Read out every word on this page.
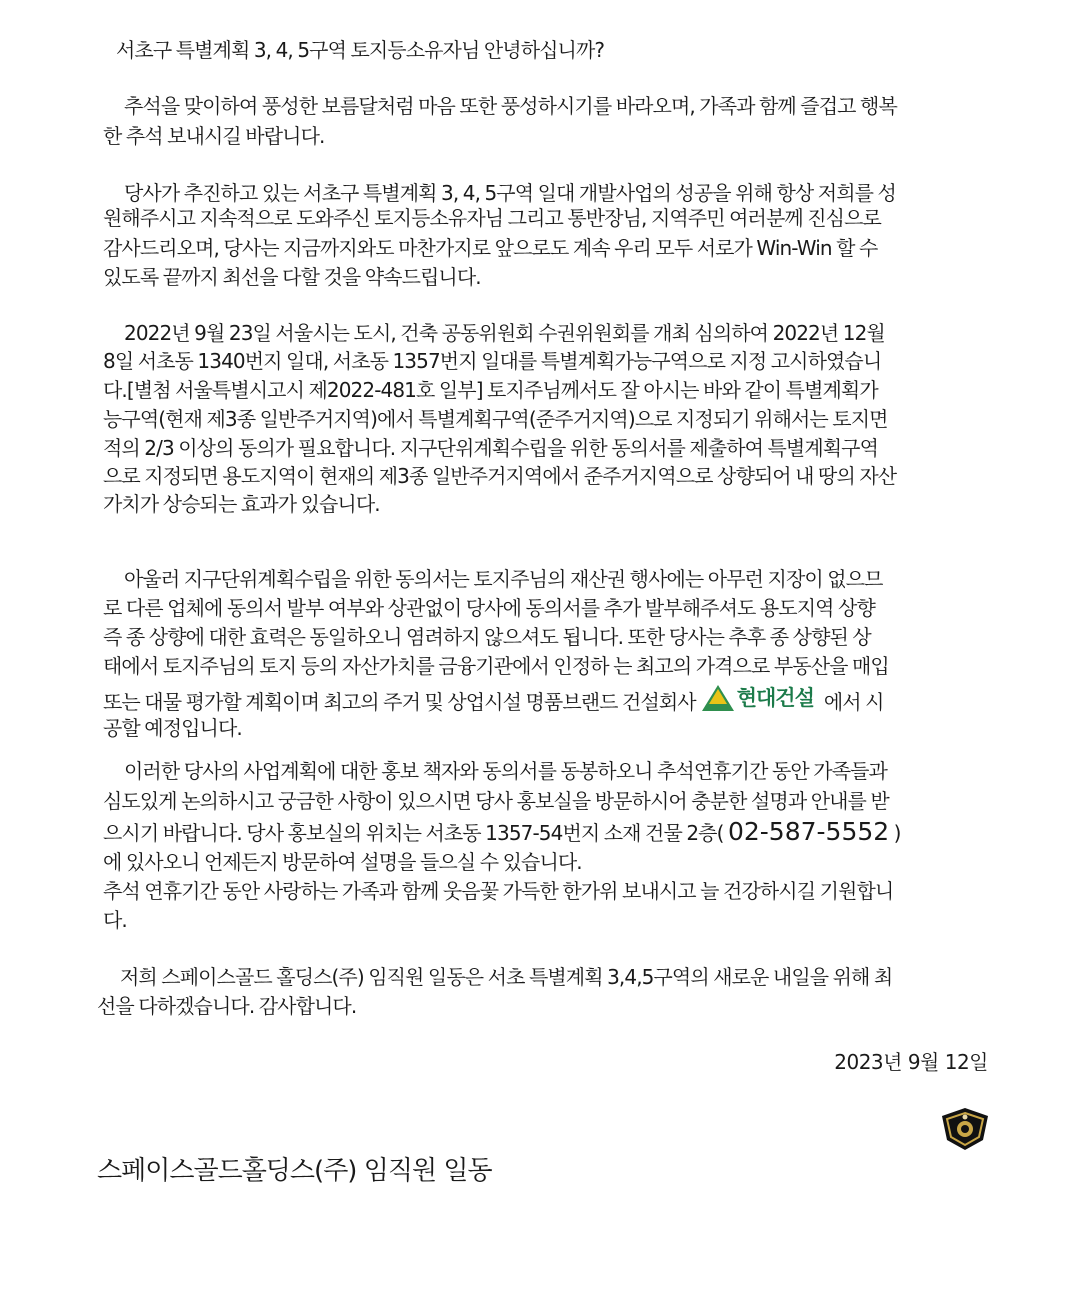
서초구 특별계획 3, 4, 5구역 토지등소유자님 안녕하십니까?
추석을 맞이하여 풍성한 보름달처럼 마음 또한 풍성하시기를 바라오며, 가족과 함께 즐겁고 행복
한 추석 보내시길 바랍니다.
당사가 추진하고 있는 서초구 특별계획 3, 4, 5구역 일대 개발사업의 성공을 위해 항상 저희를 성
원해주시고 지속적으로 도와주신 토지등소유자님 그리고 통반장님, 지역주민 여러분께 진심으로
감사드리오며, 당사는 지금까지와도 마찬가지로 앞으로도 계속 우리 모두 서로가 Win-Win 할 수
있도록 끝까지 최선을 다할 것을 약속드립니다.
2022년 9월 23일 서울시는 도시, 건축 공동위원회 수권위원회를 개최 심의하여 2022년 12월
8일 서초동 1340번지 일대, 서초동 1357번지 일대를 특별계획가능구역으로 지정 고시하였습니
다.[별첨 서울특별시고시 제2022-481호 일부] 토지주님께서도 잘 아시는 바와 같이 특별계획가
능구역(현재 제3종 일반주거지역)에서 특별계획구역(준주거지역)으로 지정되기 위해서는 토지면
적의 2/3 이상의 동의가 필요합니다. 지구단위계획수립을 위한 동의서를 제출하여 특별계획구역
으로 지정되면 용도지역이 현재의 제3종 일반주거지역에서 준주거지역으로 상향되어 내 땅의 자산
가치가 상승되는 효과가 있습니다.
아울러 지구단위계획수립을 위한 동의서는 토지주님의 재산권 행사에는 아무런 지장이 없으므
로 다른 업체에 동의서 발부 여부와 상관없이 당사에 동의서를 추가 발부해주셔도 용도지역 상향
즉 종 상향에 대한 효력은 동일하오니 염려하지 않으셔도 됩니다. 또한 당사는 추후 종 상향된 상
태에서 토지주님의 토지 등의 자산가치를 금융기관에서 인정하 는 최고의 가격으로 부동산을 매입
또는 대물 평가할 계획이며 최고의 주거 및 상업시설 명품브랜드 건설회사 현대건설 에서 시
공할 예정입니다.
이러한 당사의 사업계획에 대한 홍보 책자와 동의서를 동봉하오니 추석연휴기간 동안 가족들과
심도있게 논의하시고 궁금한 사항이 있으시면 당사 홍보실을 방문하시어 충분한 설명과 안내를 받
으시기 바랍니다. 당사 홍보실의 위치는 서초동 1357-54번지 소재 건물 2층( 02-587-5552 )
에 있사오니 언제든지 방문하여 설명을 들으실 수 있습니다.
추석 연휴기간 동안 사랑하는 가족과 함께 웃음꽃 가득한 한가위 보내시고 늘 건강하시길 기원합니
다.
저희 스페이스골드 홀딩스(주) 임직원 일동은 서초 특별계획 3,4,5구역의 새로운 내일을 위해 최
선을 다하겠습니다. 감사합니다.
2023년 9월 12일
스페이스골드홀딩스(주) 임직원 일동
